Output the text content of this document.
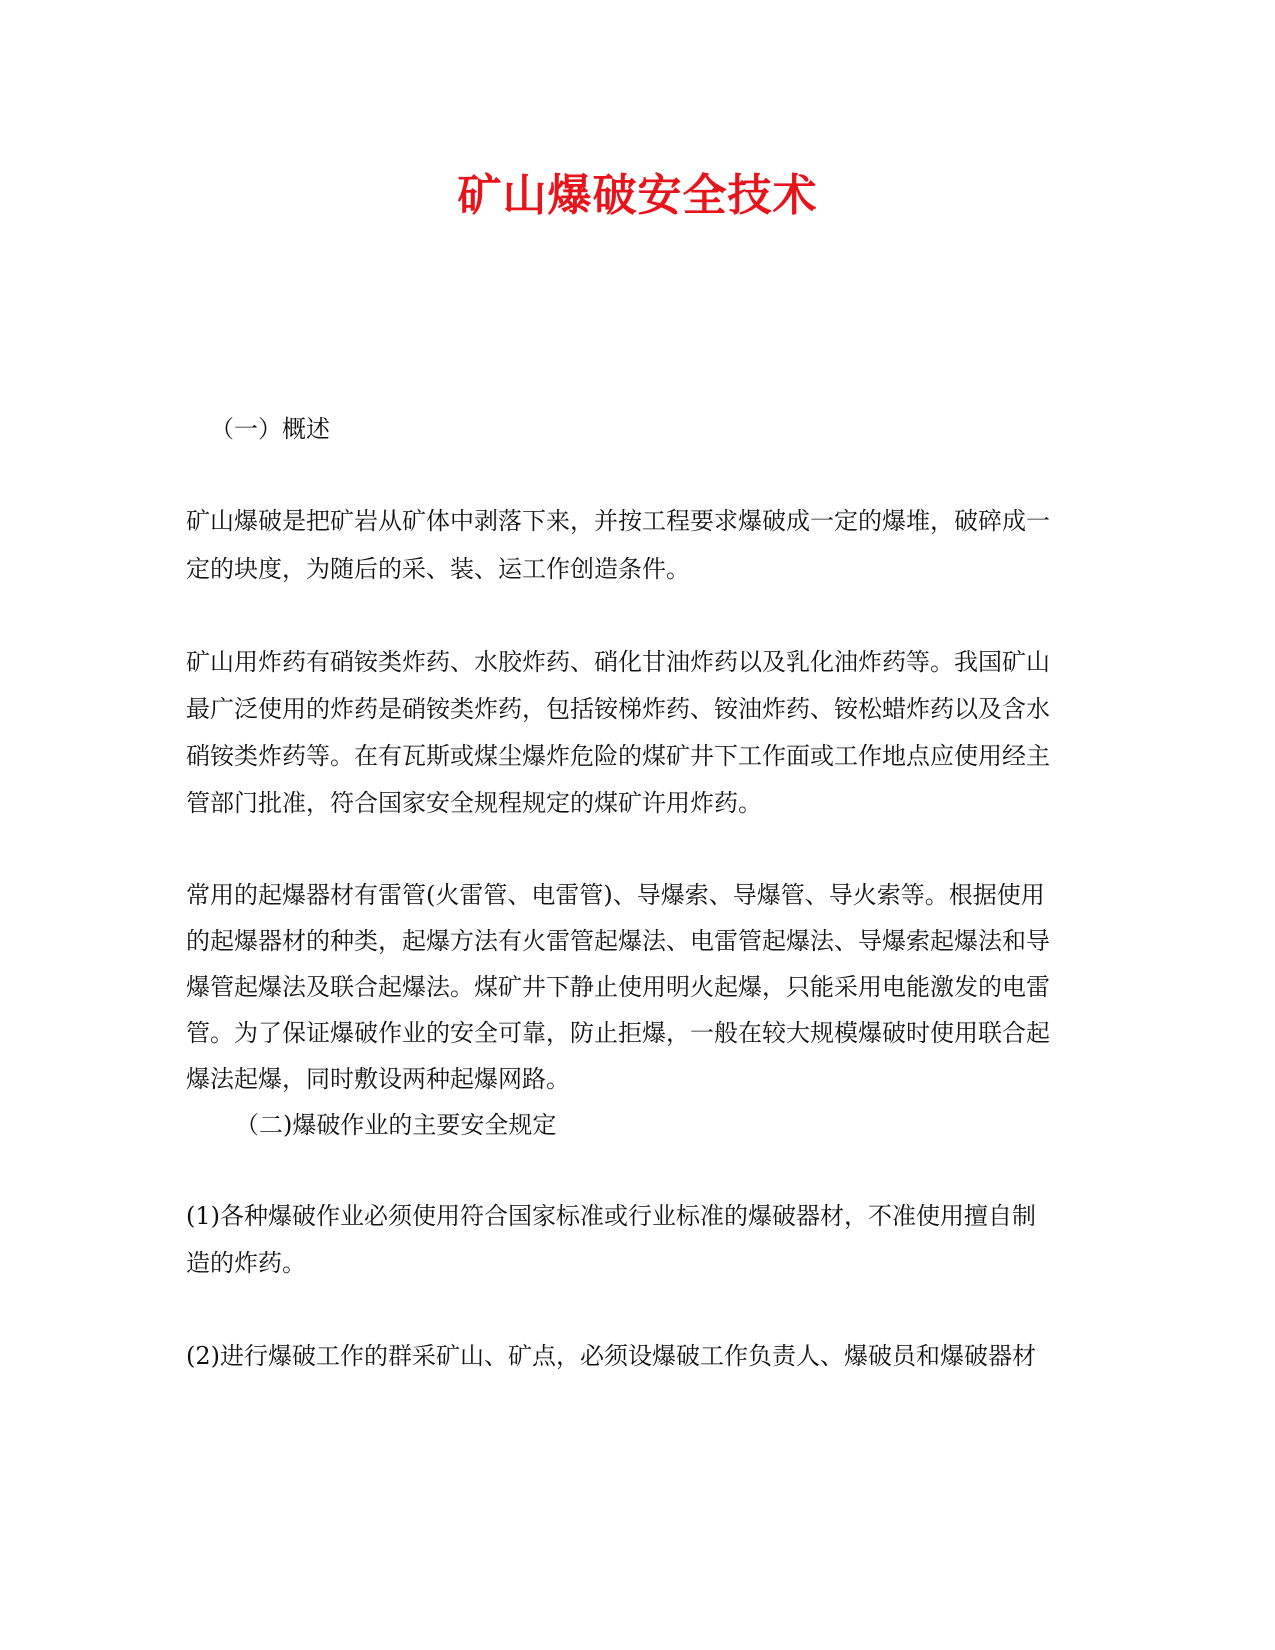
矿山爆破安全技术

（一）概述

矿山爆破是把矿岩从矿体中剥落下来，并按工程要求爆破成一定的爆堆，破碎成一

定的块度，为随后的采、装、运工作创造条件。

矿山用炸药有硝铵类炸药、水胶炸药、硝化甘油炸药以及乳化油炸药等。我国矿山

最广泛使用的炸药是硝铵类炸药，包括铵梯炸药、铵油炸药、铵松蜡炸药以及含水

硝铵类炸药等。在有瓦斯或煤尘爆炸危险的煤矿井下工作面或工作地点应使用经主

管部门批准，符合国家安全规程规定的煤矿许用炸药。

常用的起爆器材有雷管(火雷管、电雷管)、导爆索、导爆管、导火索等。根据使用

的起爆器材的种类，起爆方法有火雷管起爆法、电雷管起爆法、导爆索起爆法和导

爆管起爆法及联合起爆法。煤矿井下静止使用明火起爆，只能采用电能激发的电雷

管。为了保证爆破作业的安全可靠，防止拒爆，一般在较大规模爆破时使用联合起

爆法起爆，同时敷设两种起爆网路。

（二)爆破作业的主要安全规定

(1)各种爆破作业必须使用符合国家标准或行业标准的爆破器材，不准使用擅自制

造的炸药。

(2)进行爆破工作的群采矿山、矿点，必须设爆破工作负责人、爆破员和爆破器材
